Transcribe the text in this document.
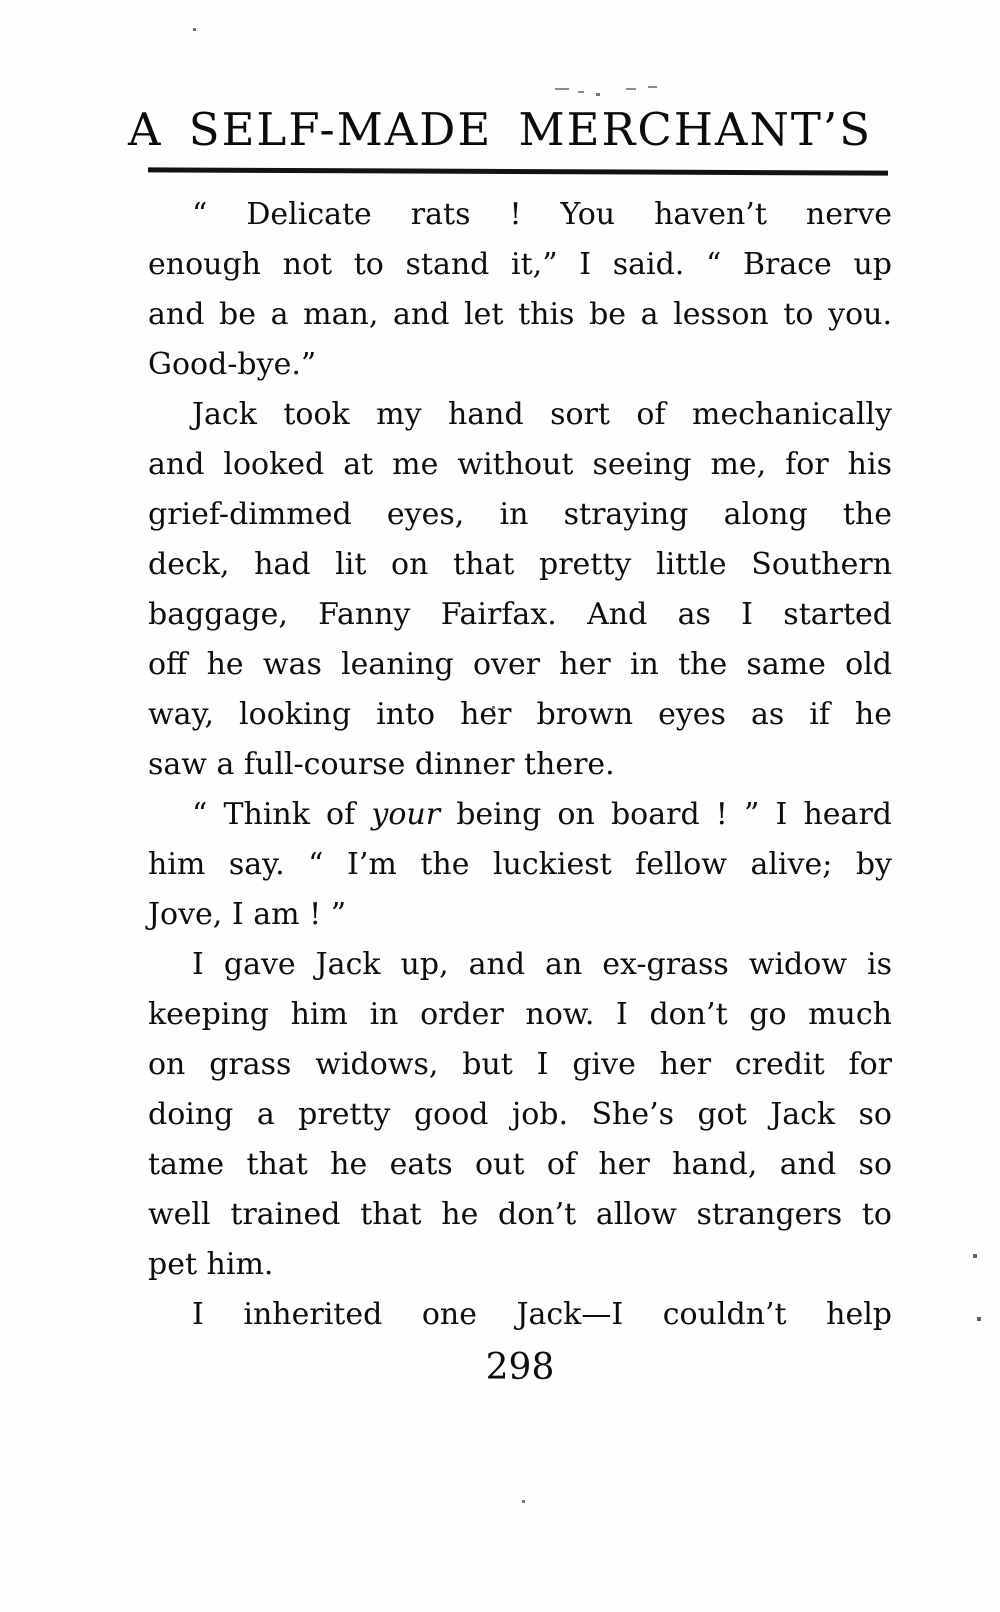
A SELF-MADE MERCHANT’S
“ Delicate rats ! You haven’t nerve
enough not to stand it,” I said. “ Brace up
and be a man, and let this be a lesson to you.
Good-bye.”
Jack took my hand sort of mechanically
and looked at me without seeing me, for his
grief-dimmed eyes, in straying along the
deck, had lit on that pretty little Southern
baggage, Fanny Fairfax. And as I started
off he was leaning over her in the same old
way, looking into her brown eyes as if he
saw a full-course dinner there.
“ Think of your being on board ! ” I heard
him say. “ I’m the luckiest fellow alive; by
Jove, I am ! ”
I gave Jack up, and an ex-grass widow is
keeping him in order now. I don’t go much
on grass widows, but I give her credit for
doing a pretty good job. She’s got Jack so
tame that he eats out of her hand, and so
well trained that he don’t allow strangers to
pet him.
I inherited one Jack—I couldn’t help
298
